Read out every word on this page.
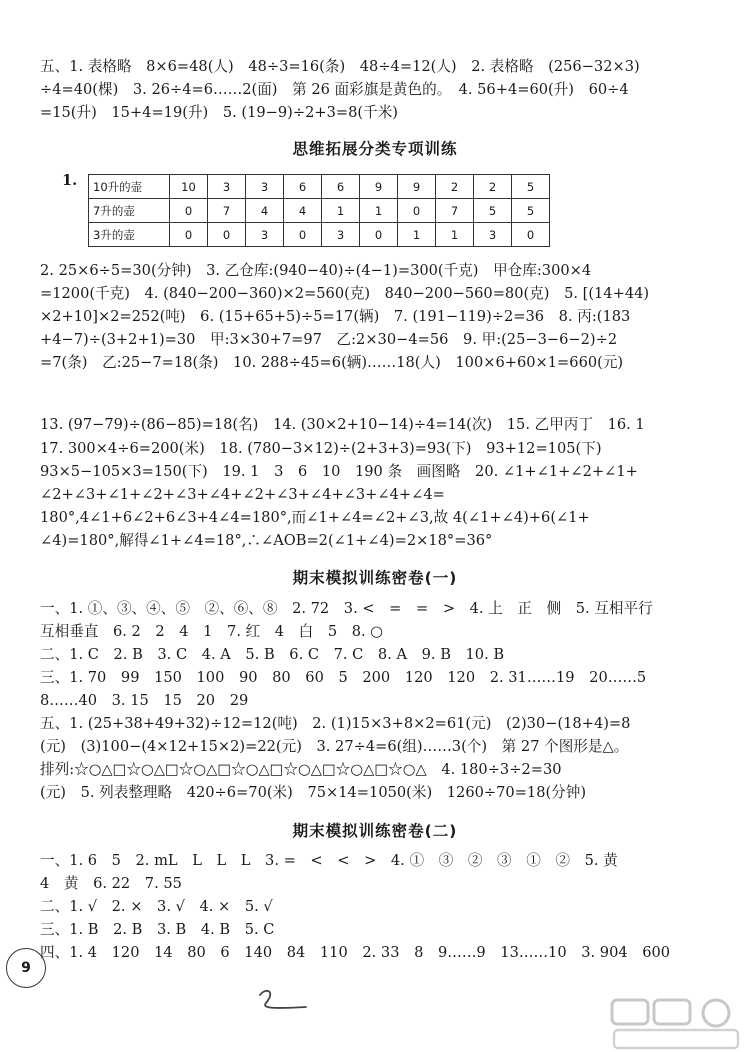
五、1. 表格略　8×6=48(人)　48÷3=16(条)　48÷4=12(人)　2. 表格略　(256−32×3)
÷4=40(棵)　3. 26÷4=6……2(面)　第 26 面彩旗是黄色的。　4. 56+4=60(升)　60÷4
=15(升)　15+4=19(升)　5. (19−9)÷2+3=8(千米)
思维拓展分类专项训练
1. 10升的壶	10	3	3	6	6	9	9	2	2	5
7升的壶	0	7	4	4	1	1	0	7	5	5
3升的壶	0	0	3	0	3	0	1	1	3	0
2. 25×6÷5=30(分钟)　3. 乙仓库:(940−40)÷(4−1)=300(千克)　甲仓库:300×4
=1200(千克)　4. (840−200−360)×2=560(克)　840−200−560=80(克)　5. [(14+44)
×2+10]×2=252(吨)　6. (15+65+5)÷5=17(辆)　7. (191−119)÷2=36　8. 丙:(183
+4−7)÷(3+2+1)=30　甲:3×30+7=97　乙:2×30−4=56　9. 甲:(25−3−6−2)÷2
=7(条)　乙:25−7=18(条)　10. 288÷45=6(辆)……18(人)　100×6+60×1=660(元)

13. (97−79)÷(86−85)=18(名)　14. (30×2+10−14)÷4=14(次)　15. 乙甲丙丁　16. 1
17. 300×4÷6=200(米)　18. (780−3×12)÷(2+3+3)=93(下)　93+12=105(下)
93×5−105×3=150(下)　19. 1　3　6　10　190 条　画图略　20. ∠1+∠1+∠2+∠1+
∠2+∠3+∠1+∠2+∠3+∠4+∠2+∠3+∠4+∠3+∠4+∠4=
180°,4∠1+6∠2+6∠3+4∠4=180°,而∠1+∠4=∠2+∠3,故 4(∠1+∠4)+6(∠1+
∠4)=180°,解得∠1+∠4=18°,∴∠AOB=2(∠1+∠4)=2×18°=36°
期末模拟训练密卷(一)
一、1. ①、③、④、⑤　②、⑥、⑧　2. 72　3. <　=　=　>　4. 上　正　侧　5. 互相平行
互相垂直　6. 2　2　4　1　7. 红　4　白　5　8. ○
二、1. C　2. B　3. C　4. A　5. B　6. C　7. C　8. A　9. B　10. B
三、1. 70　99　150　100　90　80　60　5　200　120　120　2. 31……19　20……5
8……40　3. 15　15　20　29
五、1. (25+38+49+32)÷12=12(吨)　2. (1)15×3+8×2=61(元)　(2)30−(18+4)=8
(元)　(3)100−(4×12+15×2)=22(元)　3. 27÷4=6(组)……3(个)　第 27 个图形是△。
排列:☆○△□☆○△□☆○△□☆○△□☆○△□☆○△□☆○△　4. 180÷3÷2=30
(元)　5. 列表整理略　420÷6=70(米)　75×14=1050(米)　1260÷70=18(分钟)
期末模拟训练密卷(二)
一、1. 6　5　2. mL　L　L　L　3. =　<　<　>　4. ①　③　②　③　①　②　5. 黄
4　黄　6. 22　7. 55
二、1. √　2. ×　3. √　4. ×　5. √
三、1. B　2. B　3. B　4. B　5. C
四、1. 4　120　14　80　6　140　84　110　2. 33　8　9……9　13……10　3. 904　600
9
